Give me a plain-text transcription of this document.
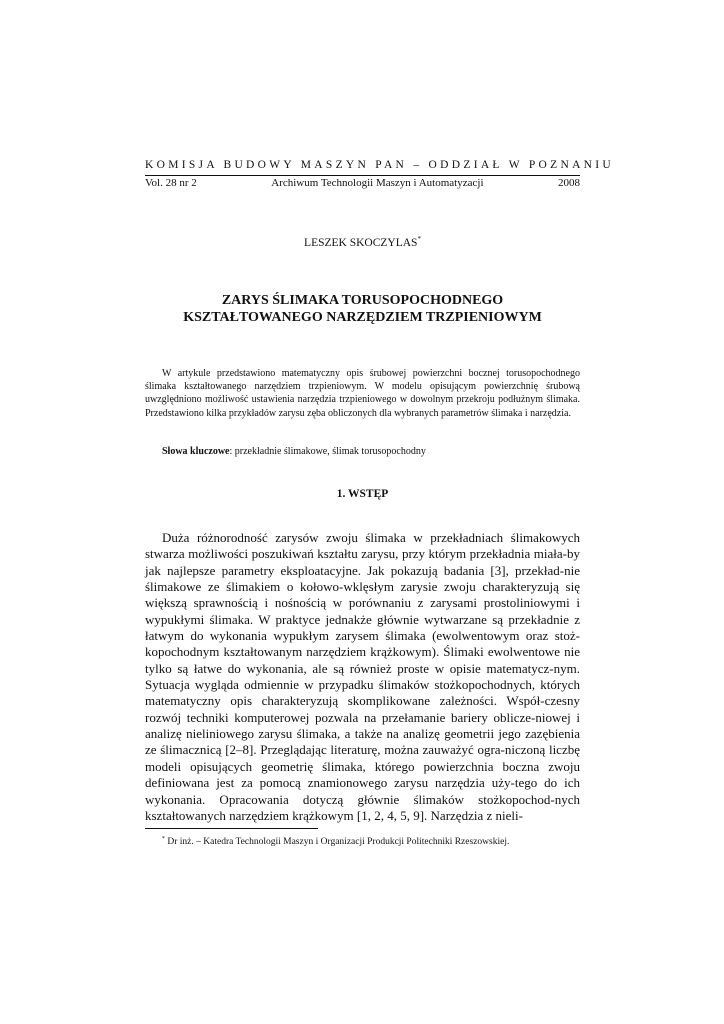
KOMISJA BUDOWY MASZYN PAN – ODDZIAŁ W POZNANIU
Vol. 28 nr 2	Archiwum Technologii Maszyn i Automatyzacji	2008
LESZEK SKOCZYLAS*
ZARYS ŚLIMAKA TORUSOPOCHODNEGO
KSZTAŁTOWANEGO NARZĘDZIEM TRZPIENIOWYM

W artykule przedstawiono matematyczny opis śrubowej powierzchni bocznej torusopochodnego ślimaka kształtowanego narzędziem trzpieniowym. W modelu opisującym powierzchnię śrubową uwzględniono możliwość ustawienia narzędzia trzpieniowego w dowolnym przekroju podłużnym ślimaka. Przedstawiono kilka przykładów zarysu zęba obliczonych dla wybranych parametrów ślimaka i narzędzia.

Słowa kluczowe: przekładnie ślimakowe, ślimak torusopochodny

1. WSTĘP

Duża różnorodność zarysów zwoju ślimaka w przekładniach ślimakowych stwarza możliwości poszukiwań kształtu zarysu, przy którym przekładnia miała-by jak najlepsze parametry eksploatacyjne. Jak pokazują badania [3], przekład-nie ślimakowe ze ślimakiem o kołowo-wklęsłym zarysie zwoju charakteryzują się większą sprawnością i nośnością w porównaniu z zarysami prostoliniowymi i wypukłymi ślimaka. W praktyce jednakże głównie wytwarzane są przekładnie z łatwym do wykonania wypukłym zarysem ślimaka (ewolwentowym oraz stoż-kopochodnym kształtowanym narzędziem krążkowym). Ślimaki ewolwentowe nie tylko są łatwe do wykonania, ale są również proste w opisie matematycz-nym. Sytuacja wygląda odmiennie w przypadku ślimaków stożkopochodnych, których matematyczny opis charakteryzują skomplikowane zależności. Współ-czesny rozwój techniki komputerowej pozwala na przełamanie bariery oblicze-niowej i analizę nieliniowego zarysu ślimaka, a także na analizę geometrii jego zazębienia ze ślimacznicą [2–8]. Przeglądając literaturę, można zauważyć ogra-niczoną liczbę modeli opisujących geometrię ślimaka, którego powierzchnia boczna zwoju definiowana jest za pomocą znamionowego zarysu narzędzia uży-tego do ich wykonania. Opracowania dotyczą głównie ślimaków stożkopochod-nych kształtowanych narzędziem krążkowym [1, 2, 4, 5, 9]. Narzędzia z nieli-

* Dr inż. – Katedra Technologii Maszyn i Organizacji Produkcji Politechniki Rzeszowskiej.
